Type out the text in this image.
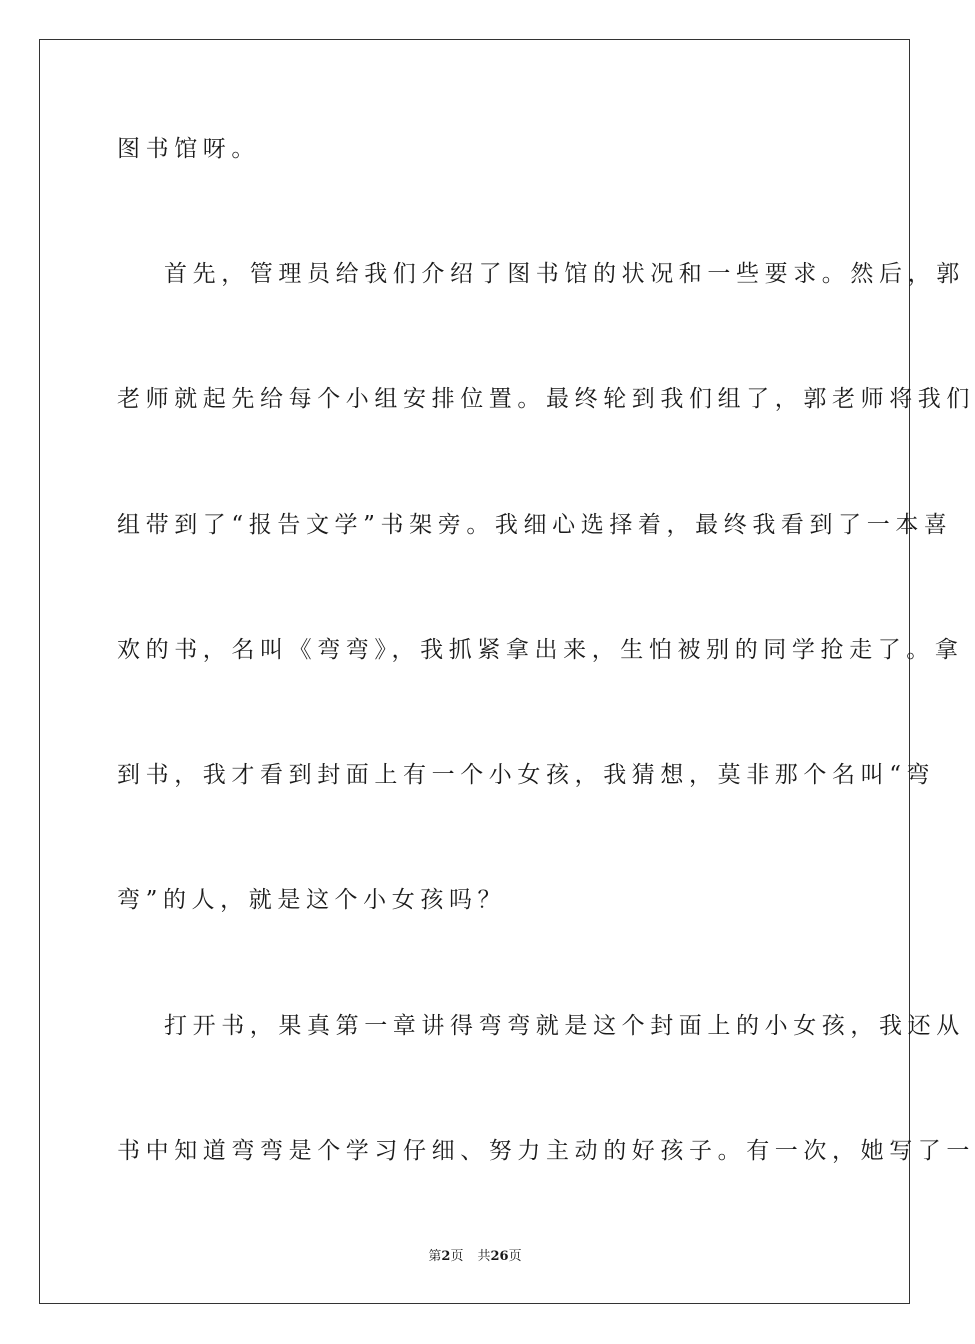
图书馆呀。
首先，管理员给我们介绍了图书馆的状况和一些要求。然后，郭
老师就起先给每个小组安排位置。最终轮到我们组了，郭老师将我们
组带到了“报告文学”书架旁。我细心选择着，最终我看到了一本喜
欢的书，名叫《弯弯》，我抓紧拿出来，生怕被别的同学抢走了。拿
到书，我才看到封面上有一个小女孩，我猜想，莫非那个名叫“弯
弯”的人，就是这个小女孩吗？
打开书，果真第一章讲得弯弯就是这个封面上的小女孩，我还从
书中知道弯弯是个学习仔细、努力主动的好孩子。有一次，她写了一
第2页 共26页
